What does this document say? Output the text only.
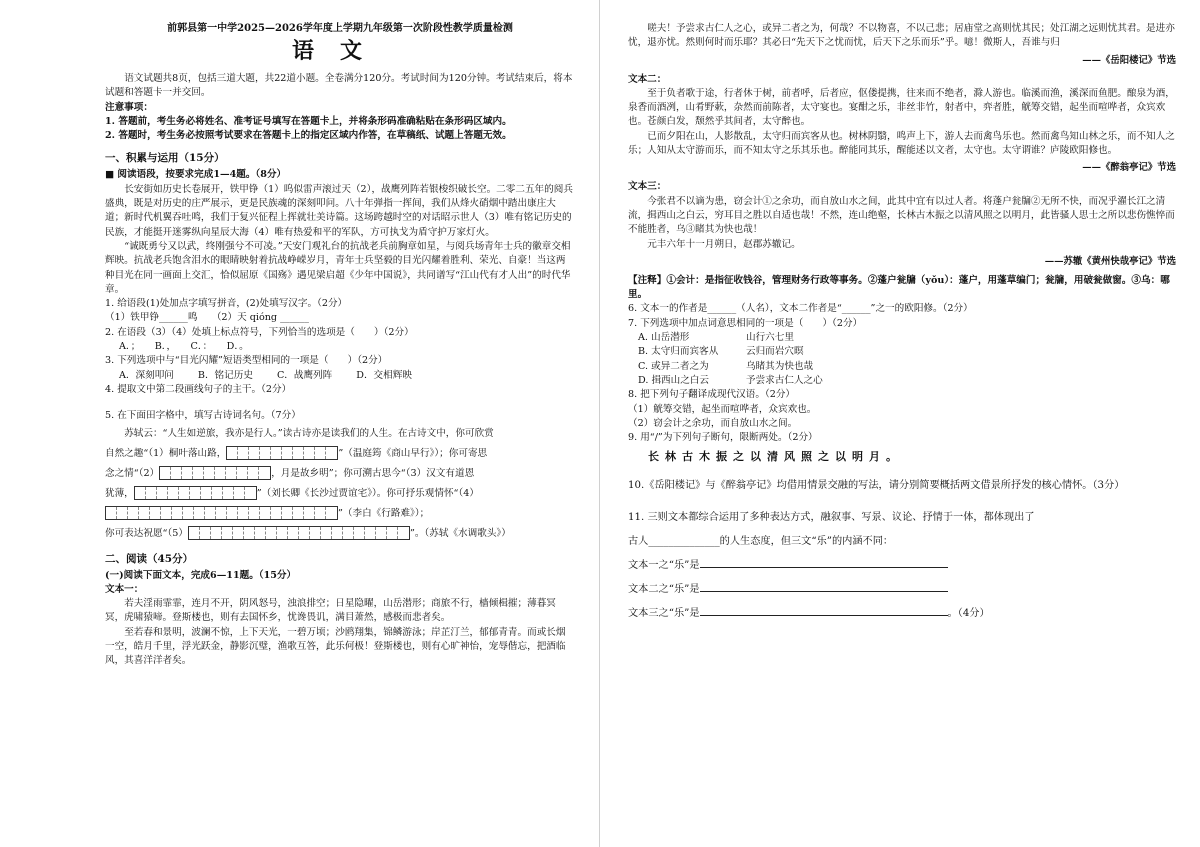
前郭县第一中学2025—2026学年度上学期九年级第一次阶段性教学质量检测

语文

语文试题共8页，包括三道大题，共22道小题。全卷满分120分。考试时间为120分钟。考试结束后，将本试题和答题卡一并交回。

注意事项：

1. 答题前，考生务必将姓名、准考证号填写在答题卡上，并将条形码准确粘贴在条形码区域内。

2. 答题时，考生务必按照考试要求在答题卡上的指定区域内作答，在草稿纸、试题上答题无效。

一、积累与运用（15分）

■ 阅读语段，按要求完成1—4题。（8分）

长安街如历史长卷展开，铁甲铮（1）呜似雷声滚过天（2），战鹰列阵若银梭织破长空。二零二五年的阅兵盛典，既是对历史的庄严展示，更是民族魂的深刻叩问。八十年弹指一挥间，我们从烽火硝烟中踏出康庄大道；新时代机翼吞吐鸣，我们于复兴征程上挥就壮美诗篇。这场跨越时空的对话昭示世人（3）唯有铭记历史的民族，才能挺开迷雾纵向星辰大海（4）唯有热爱和平的军队，方可执戈为盾守护万家灯火。

“诚既勇兮又以武，终刚强兮不可凌。”天安门观礼台的抗战老兵前胸章如星，与阅兵场青年士兵的徽章交相辉映。抗战老兵饱含泪水的眼睛映射着抗战峥嵘岁月，青年士兵坚毅的目光闪耀着胜利、荣光、自豪！当这两种目光在同一画面上交汇，恰似屈原《国殇》遇见梁启超《少年中国说》，共同谱写“江山代有才人出”的时代华章。

1. 给语段(1)处加点字填写拼音，(2)处填写汉字。（2分）

（1）铁甲铮______鸣　　（2）天 qióng ______

2. 在语段（3）（4）处填上标点符号，下列恰当的选项是（　　）（2分）

A．；　　B．，　　C．：　　D．。

3. 下列选项中与“目光闪耀”短语类型相同的一项是（　　）（2分）

A．深刻叩问	B．铭记历史	C．战鹰列阵	D．交相辉映

4. 提取文中第二段画线句子的主干。（2分）

5. 在下面田字格中，填写古诗词名句。（7分）

苏轼云：“人生如逆旅，我亦是行人。”读古诗亦是读我们的人生。在古诗文中，你可欣赏

自然之趣“（1）桐叶落山路，	”（温庭筠《商山早行》）；你可寄思

念之情“（2）	，月是故乡明”；你可溯古思今“（3）汉文有道恩

犹薄，	”（刘长卿《长沙过贾谊宅》）。你可抒乐观情怀“（4）

”（李白《行路难》）；

你可表达祝愿“（5）	”。（苏轼《水调歌头》）

二、阅读（45分）

(一)阅读下面文本，完成6—11题。（15分）

文本一：

若夫淫雨霏霏，连月不开，阴风怒号，浊浪排空；日星隐曜，山岳潜形；商旅不行，樯倾楫摧；薄暮冥冥，虎啸猿啼。登斯楼也，则有去国怀乡，忧谗畏讥，满目萧然，感极而悲者矣。

至若春和景明，波澜不惊，上下天光，一碧万顷；沙鸥翔集，锦鳞游泳；岸芷汀兰，郁郁青青。而或长烟一空，皓月千里，浮光跃金，静影沉璧，渔歌互答，此乐何极！登斯楼也，则有心旷神怡，宠辱偕忘，把酒临风，其喜洋洋者矣。

嗟夫！予尝求古仁人之心，或异二者之为，何哉？不以物喜，不以己悲；居庙堂之高则忧其民；处江湖之远则忧其君。是进亦忧，退亦忧。然则何时而乐耶？其必曰“先天下之忧而忧，后天下之乐而乐”乎。噫！微斯人，吾谁与归

——《岳阳楼记》节选

文本二：

至于负者歌于途，行者休于树，前者呼，后者应，伛偻提携，往来而不绝者，滁人游也。临溪而渔，溪深而鱼肥。酿泉为酒，泉香而酒冽，山肴野蔌，杂然而前陈者，太守宴也。宴酣之乐，非丝非竹，射者中，弈者胜，觥筹交错，起坐而喧哗者，众宾欢也。苍颜白发，颓然乎其间者，太守醉也。

已而夕阳在山，人影散乱，太守归而宾客从也。树林阴翳，鸣声上下，游人去而禽鸟乐也。然而禽鸟知山林之乐，而不知人之乐；人知从太守游而乐，而不知太守之乐其乐也。醉能同其乐，醒能述以文者，太守也。太守谓谁？庐陵欧阳修也。

——《醉翁亭记》节选

文本三：

今张君不以谪为患，窃会计①之余功，而自放山水之间，此其中宜有以过人者。将蓬户瓮牖②无所不快，而况乎濯长江之清流，揖西山之白云，穷耳目之胜以自适也哉！不然，连山绝壑，长林古木振之以清风照之以明月，此皆骚人思士之所以悲伤憔悴而不能胜者，乌③睹其为快也哉！

元丰六年十一月朔日，赵郡苏辙记。

——苏辙《黄州快哉亭记》节选

【注释】①会计：是指征收钱谷，管理财务行政等事务。②蓬户瓮牖（yǒu）：蓬户，用蓬草编门；瓮牖，用破瓮做窗。③乌：哪里。

6. 文本一的作者是______（人名），文本二作者是“______”之一的欧阳修。（2分）

7. 下列选项中加点词意思相同的一项是（　　）（2分）

A. 山岳潜形	山行六七里
B. 太守归而宾客从	云归而岩穴暝
C. 或异二者之为	乌睹其为快也哉
D. 揖西山之白云	予尝求古仁人之心

8. 把下列句子翻译成现代汉语。（2分）

（1）觥筹交错，起坐而喧哗者，众宾欢也。

（2）窃会计之余功，而自放山水之间。

9. 用“/”为下列句子断句，限断两处。（2分）

长林古木振之以清风照之以明月。

10.《岳阳楼记》与《醉翁亭记》均借用情景交融的写法，请分别简要概括两文借景所抒发的核心情怀。（3分）

11. 三则文本都综合运用了多种表达方式，融叙事、写景、议论、抒情于一体，都体现出了

古人______________的人生态度，但三文“乐”的内涵不同：

文本一之“乐”是

文本二之“乐”是

文本三之“乐”是	。（4分）
